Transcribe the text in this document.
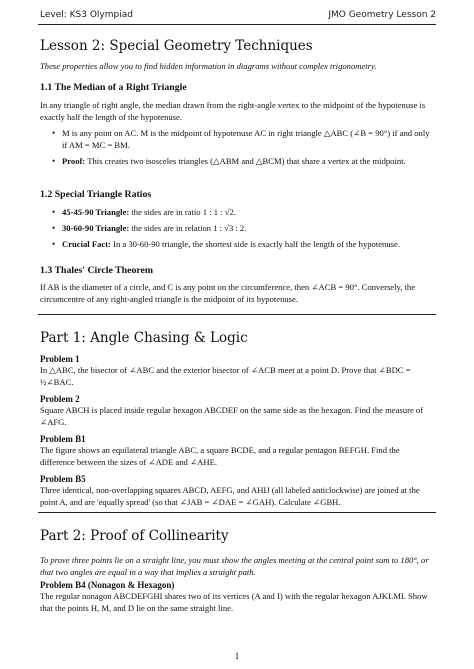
Level: KS3 Olympiad	JMO Geometry Lesson 2
Lesson 2: Special Geometry Techniques

These properties allow you to find hidden information in diagrams without complex trigonometry.

1.1 The Median of a Right Triangle

In any triangle of right angle, the median drawn from the right-angle vertex to the midpoint of the hypotenuse is exactly half the length of the hypotenuse.

• M is any point on AC. M is the midpoint of hypotenuse AC in right triangle △ABC (∠B = 90°) if and only if AM = MC = BM.
• Proof: This creates two isosceles triangles (△ABM and △BCM) that share a vertex at the midpoint.
1.2 Special Triangle Ratios
• 45-45-90 Triangle: the sides are in ratio 1 : 1 : √2.
• 30-60-90 Triangle: the sides are in relation 1 : √3 : 2.
• Crucial Fact: In a 30-60-90 triangle, the shortest side is exactly half the length of the hypotenuse.
1.3 Thales' Circle Theorem

If AB is the diameter of a circle, and C is any point on the circumference, then ∠ACB = 90°. Conversely, the circumcentre of any right-angled triangle is the midpoint of its hypotenuse.

Part 1: Angle Chasing & Logic

Problem 1

In △ABC, the bisector of ∠ABC and the exterior bisector of ∠ACB meet at a point D. Prove that ∠BDC = ½∠BAC.

Problem 2

Square ABCH is placed inside regular hexagon ABCDEF on the same side as the hexagon. Find the measure of ∠AFG.

Problem B1

The figure shows an equilateral triangle ABC, a square BCDE, and a regular pentagon BEFGH. Find the difference between the sizes of ∠ADE and ∠AHE.

Problem B5

Three identical, non-overlapping squares ABCD, AEFG, and AHIJ (all labeled anticlockwise) are joined at the point A, and are 'equally spread' (so that ∠JAB = ∠DAE = ∠GAH). Calculate ∠GBH.

Part 2: Proof of Collinearity

To prove three points lie on a straight line, you must show the angles meeting at the central point sum to 180°, or that two angles are equal in a way that implies a straight path.

Problem B4 (Nonagon & Hexagon)

The regular nonagon ABCDEFGHI shares two of its vertices (A and I) with the regular hexagon AJKLMI. Show that the points H, M, and D lie on the same straight line.

1
